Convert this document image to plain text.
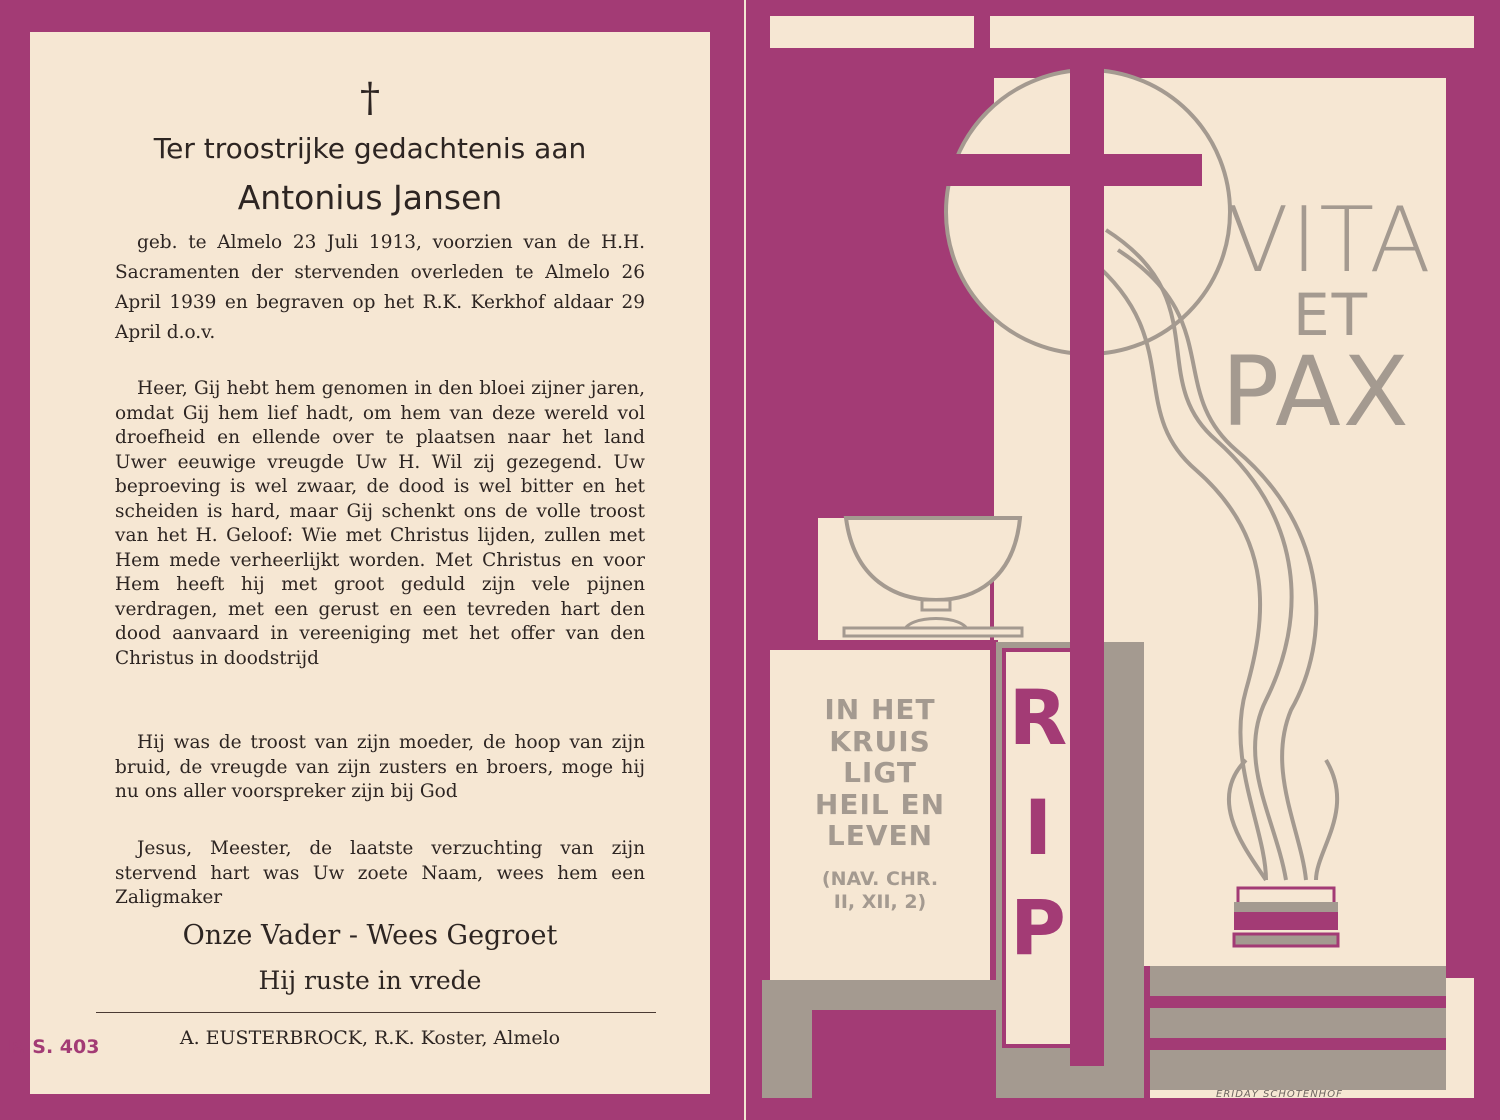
†
Ter troostrijke gedachtenis aan
Antonius Jansen
geb. te Almelo 23 Juli 1913, voorzien van de H.H. Sacramenten der stervenden overleden te Almelo 26 April 1939 en begraven op het R.K. Kerkhof aldaar 29 April d.o.v.
Heer, Gij hebt hem genomen in den bloei zijner jaren, omdat Gij hem lief hadt, om hem van deze wereld vol droefheid en ellende over te plaatsen naar het land Uwer eeuwige vreugde Uw H. Wil zij gezegend. Uw beproeving is wel zwaar, de dood is wel bitter en het scheiden is hard, maar Gij schenkt ons de volle troost van het H. Geloof: Wie met Christus lijden, zullen met Hem mede verheerlijkt worden. Met Christus en voor Hem heeft hij met groot geduld zijn vele pijnen verdragen, met een gerust en een tevreden hart den dood aanvaard in vereeniging met het offer van den Christus in doodstrijd
Hij was de troost van zijn moeder, de hoop van zijn bruid, de vreugde van zijn zusters en broers, moge hij nu ons aller voorspreker zijn bij God
Jesus, Meester, de laatste verzuchting van zijn stervend hart was Uw zoete Naam, wees hem een Zaligmaker
Onze Vader - Wees Gegroet
Hij ruste in vrede
A. EUSTERBROCK, R.K. Koster, Almelo
P. S. 403
VITA
ET
PAX
IN HET
KRUIS
LIGT
HEIL EN
LEVEN
(NAV. CHR.
II, XII, 2)
R
I
P
ERIDAY SCHOTENHOF
